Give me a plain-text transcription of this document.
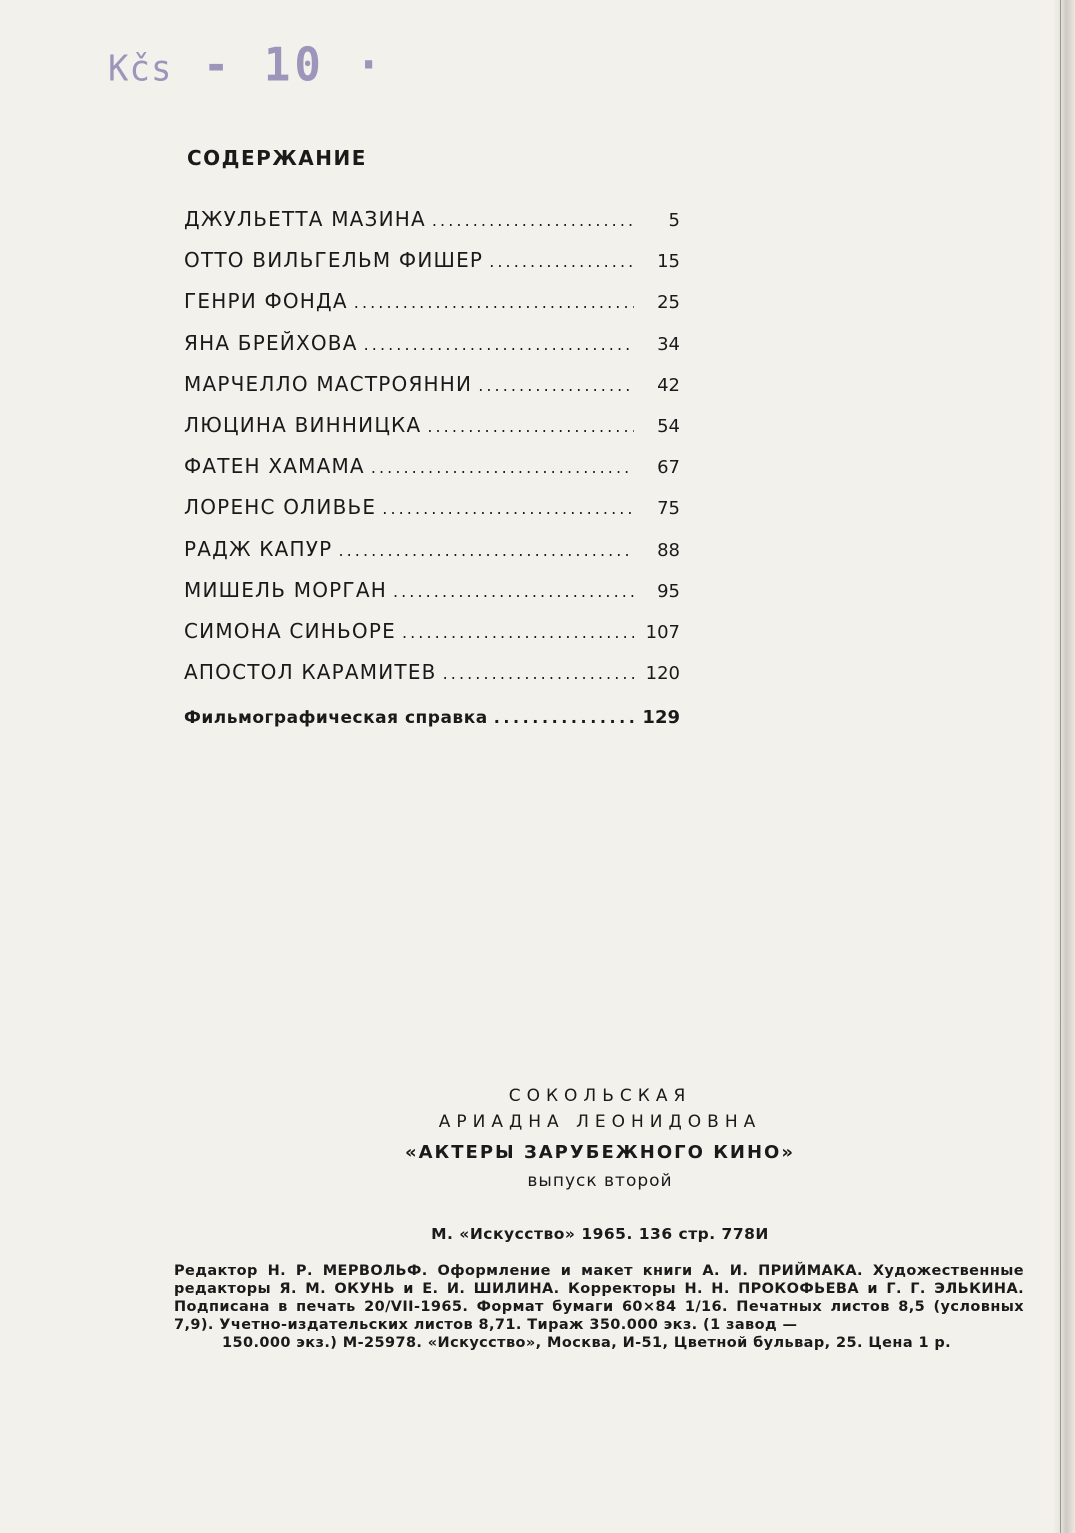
Kčs - 10 ·
СОДЕРЖАНИЕ
ДЖУЛЬЕТТА МАЗИНА . . .	5
ОТТО ВИЛЬГЕЛЬМ ФИШЕР . . .	15
ГЕНРИ ФОНДА . . .	25
ЯНА БРЕЙХОВА . . .	34
МАРЧЕЛЛО МАСТРОЯННИ . . .	42
ЛЮЦИНА ВИННИЦКА . . .	54
ФАТЕН ХАМАМА . . .	67
ЛОРЕНС ОЛИВЬЕ . . .	75
РАДЖ КАПУР . . .	88
МИШЕЛЬ МОРГАН . . .	95
СИМОНА СИНЬОРЕ . . .	107
АПОСТОЛ КАРАМИТЕВ . . .	120
Фильмографическая справка . . .	129
СОКОЛЬСКАЯ
АРИАДНА ЛЕОНИДОВНА
«АКТЕРЫ ЗАРУБЕЖНОГО КИНО»
выпуск второй
М. «Искусство» 1965. 136 стр. 778И
Редактор Н. Р. МЕРВОЛЬФ. Оформление и макет книги А. И. ПРИЙМАКА. Художественные редакторы Я. М. ОКУНЬ и Е. И. ШИЛИНА. Корректоры Н. Н. ПРОКОФЬЕВА и Г. Г. ЭЛЬКИНА. Подписана в печать 20/VII-1965. Формат бумаги 60×84 1/16. Печатных листов 8,5 (условных 7,9). Учетно-издательских листов 8,71. Тираж 350.000 экз. (1 завод —
150.000 экз.) М-25978. «Искусство», Москва, И-51, Цветной бульвар, 25. Цена 1 р.
